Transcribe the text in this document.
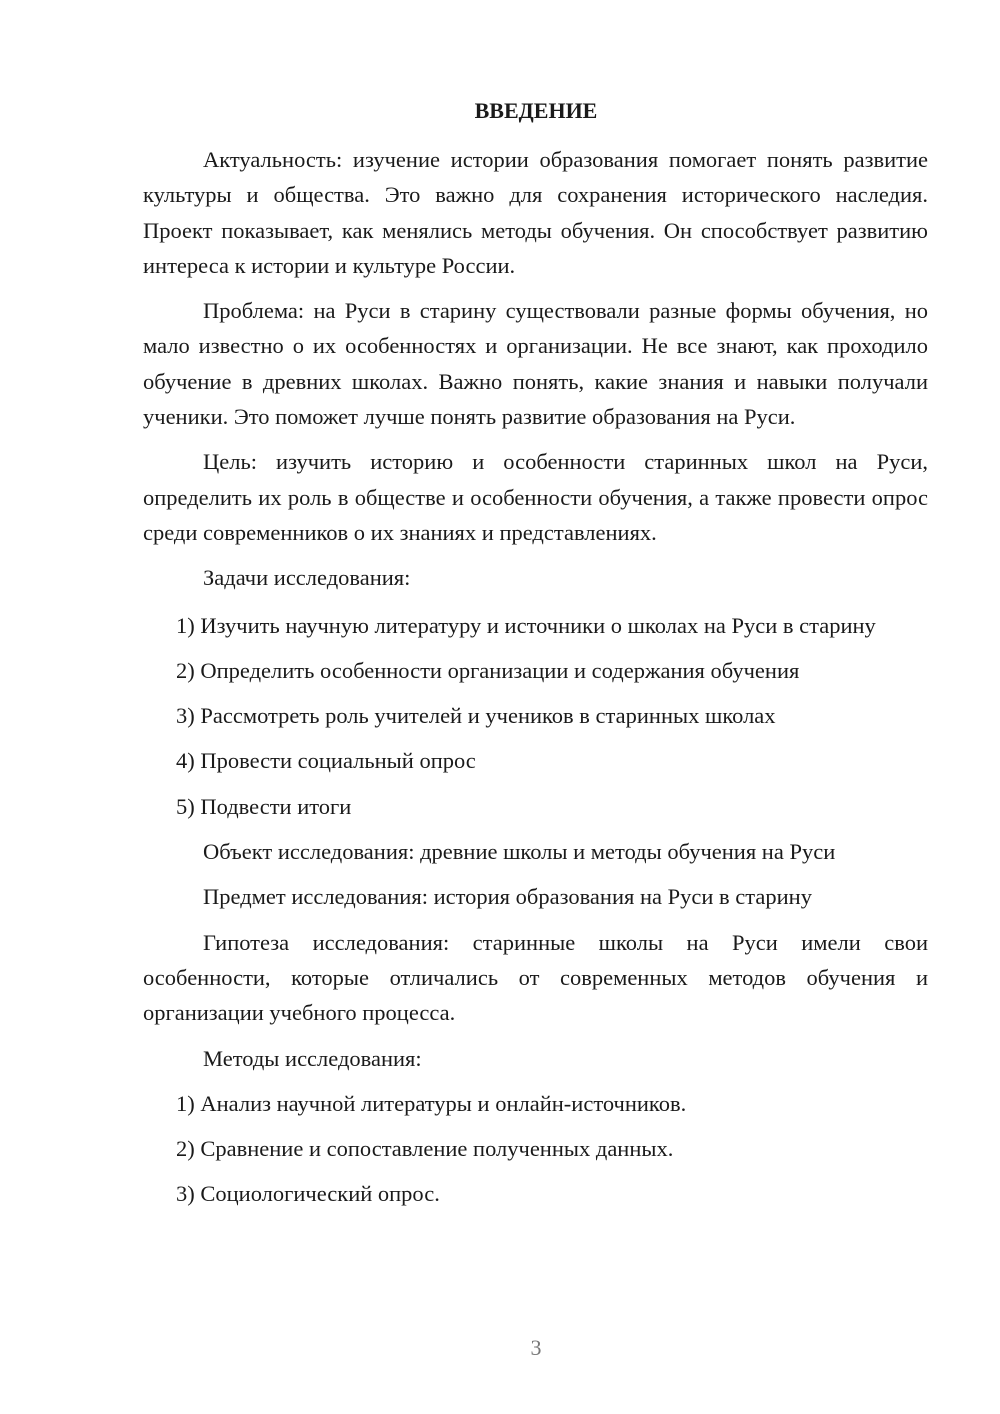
ВВЕДЕНИЕ

Актуальность: изучение истории образования помогает понять развитие культуры и общества. Это важно для сохранения исторического наследия. Проект показывает, как менялись методы обучения. Он способствует развитию интереса к истории и культуре России.

Проблема: на Руси в старину существовали разные формы обучения, но мало известно о их особенностях и организации. Не все знают, как проходило обучение в древних школах. Важно понять, какие знания и навыки получали ученики. Это поможет лучше понять развитие образования на Руси.

Цель: изучить историю и особенности старинных школ на Руси, определить их роль в обществе и особенности обучения, а также провести опрос среди современников о их знаниях и представлениях.

Задачи исследования:

1) Изучить научную литературу и источники о школах на Руси в старину

2) Определить особенности организации и содержания обучения

3) Рассмотреть роль учителей и учеников в старинных школах

4) Провести социальный опрос

5) Подвести итоги

Объект исследования: древние школы и методы обучения на Руси

Предмет исследования: история образования на Руси в старину

Гипотеза исследования: старинные школы на Руси имели свои особенности, которые отличались от современных методов обучения и организации учебного процесса.

Методы исследования:

1) Анализ научной литературы и онлайн-источников.

2) Сравнение и сопоставление полученных данных.

3) Социологический опрос.

3
